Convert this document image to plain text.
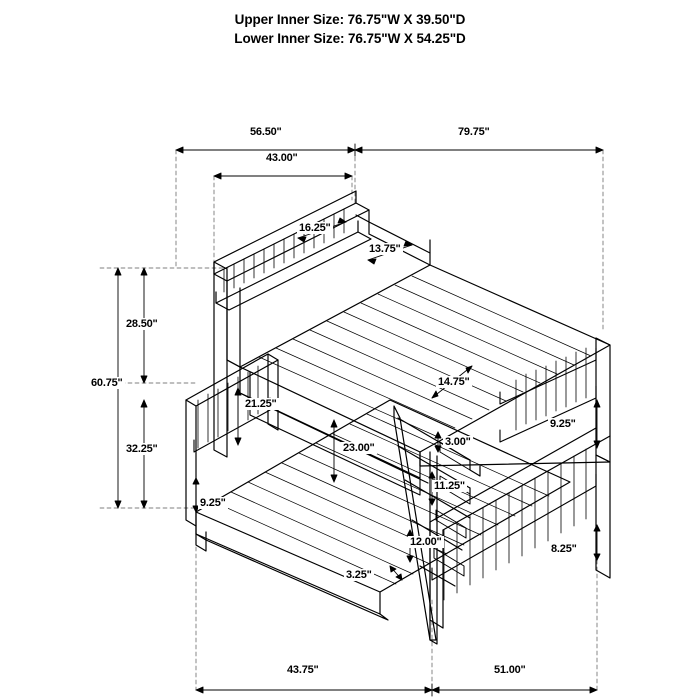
Upper Inner Size: 76.75"W X 39.50"D
Lower Inner Size: 76.75"W X 54.25"D
56.50"	79.75"
43.00"
16.25"
13.75"
28.50"
60.75"
32.25"
21.25"
23.00"
14.75"
9.25"
3.00"
11.25"
12.00"
3.25"
9.25"
8.25"
43.75"	51.00"
